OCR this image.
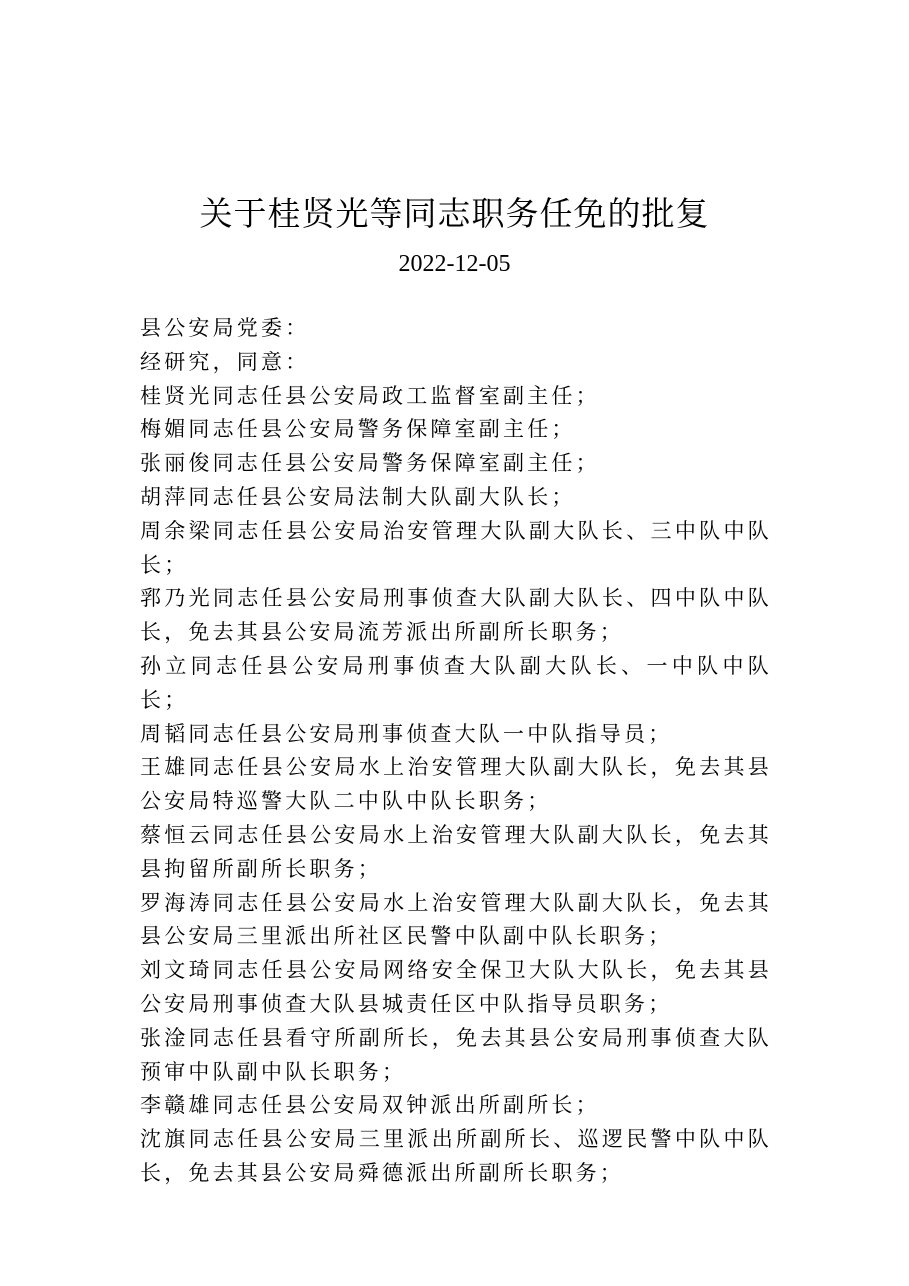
关于桂贤光等同志职务任免的批复
2022-12-05

县公安局党委：

经研究，同意：

桂贤光同志任县公安局政工监督室副主任；

梅媚同志任县公安局警务保障室副主任；

张丽俊同志任县公安局警务保障室副主任；

胡萍同志任县公安局法制大队副大队长；

周余梁同志任县公安局治安管理大队副大队长、三中队中队长；

郛乃光同志任县公安局刑事侦查大队副大队长、四中队中队长，免去其县公安局流芳派出所副所长职务；

孙立同志任县公安局刑事侦查大队副大队长、一中队中队长；

周韬同志任县公安局刑事侦查大队一中队指导员；

王雄同志任县公安局水上治安管理大队副大队长，免去其县公安局特巡警大队二中队中队长职务；

蔡恒云同志任县公安局水上治安管理大队副大队长，免去其县拘留所副所长职务；

罗海涛同志任县公安局水上治安管理大队副大队长，免去其县公安局三里派出所社区民警中队副中队长职务；

刘文琦同志任县公安局网络安全保卫大队大队长，免去其县公安局刑事侦查大队县城责任区中队指导员职务；

张淦同志任县看守所副所长，免去其县公安局刑事侦查大队预审中队副中队长职务；

李赣雄同志任县公安局双钟派出所副所长；

沈旗同志任县公安局三里派出所副所长、巡逻民警中队中队长，免去其县公安局舜德派出所副所长职务；
